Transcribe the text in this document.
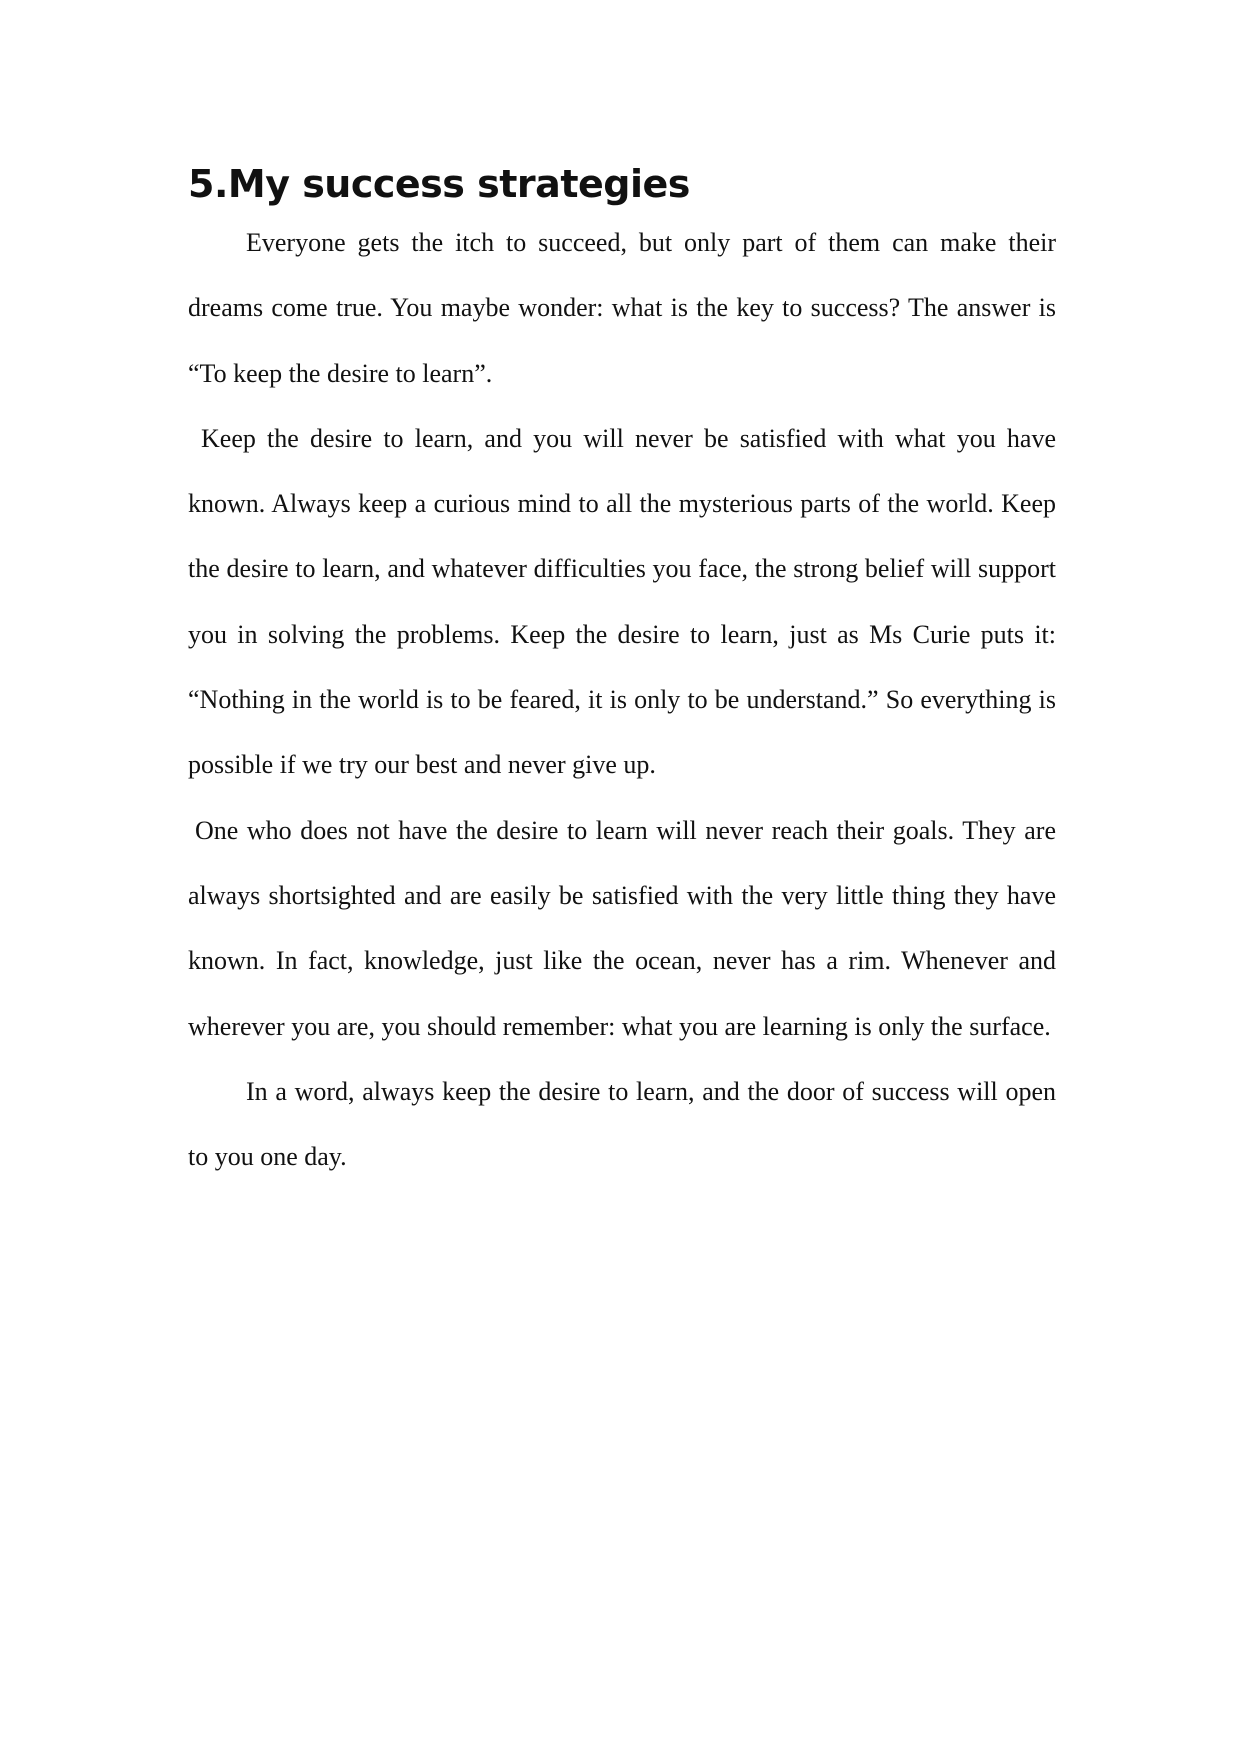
5.My success strategies

Everyone gets the itch to succeed, but only part of them can make their dreams come true. You maybe wonder: what is the key to success? The answer is “To keep the desire to learn”.

Keep the desire to learn, and you will never be satisfied with what you have known. Always keep a curious mind to all the mysterious parts of the world. Keep the desire to learn, and whatever difficulties you face, the strong belief will support you in solving the problems. Keep the desire to learn, just as Ms Curie puts it: “Nothing in the world is to be feared, it is only to be understand.” So everything is possible if we try our best and never give up.

One who does not have the desire to learn will never reach their goals. They are always shortsighted and are easily be satisfied with the very little thing they have known. In fact, knowledge, just like the ocean, never has a rim. Whenever and wherever you are, you should remember: what you are learning is only the surface.

In a word, always keep the desire to learn, and the door of success will open to you one day.
